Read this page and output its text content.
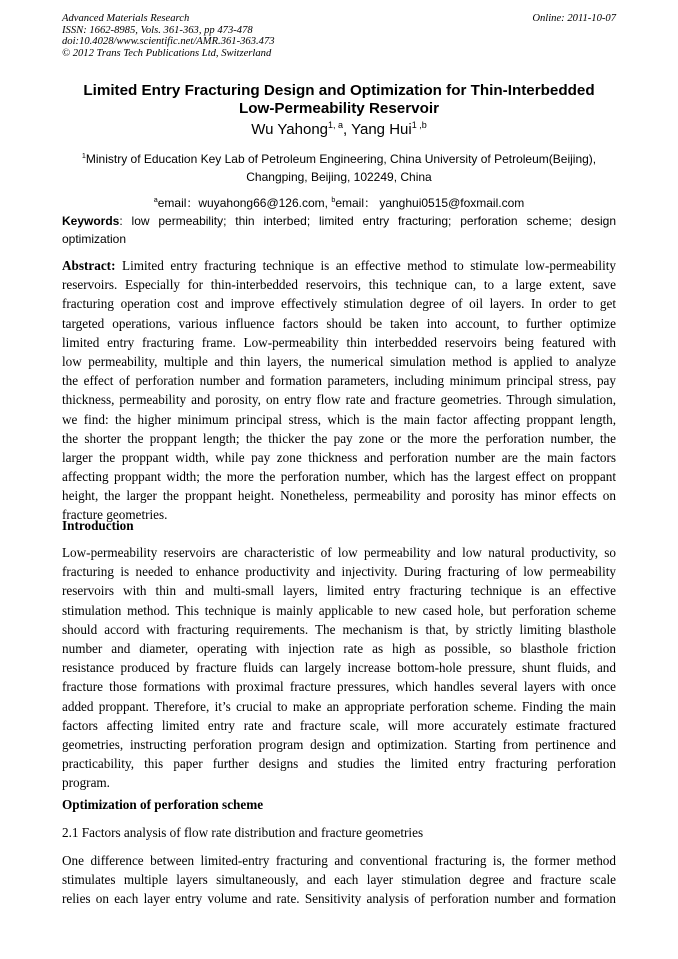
Advanced Materials Research
ISSN: 1662-8985, Vols. 361-363, pp 473-478
doi:10.4028/www.scientific.net/AMR.361-363.473
© 2012 Trans Tech Publications Ltd, Switzerland
Online: 2011-10-07
Limited Entry Fracturing Design and Optimization for Thin-Interbedded
Low-Permeability Reservoir
Wu Yahong$^{1, a}$, Yang Hui$^{1 ,b}$
$^1$Ministry of Education Key Lab of Petroleum Engineering, China University of Petroleum(Beijing),
Changping, Beijing, 102249, China
$^a$email：wuyahong66@126.com, $^b$email： yanghui0515@foxmail.com
Keywords: low permeability; thin interbed; limited entry fracturing; perforation scheme; design
optimization
Abstract: Limited entry fracturing technique is an effective method to stimulate low-permeability
reservoirs. Especially for thin-interbedded reservoirs, this technique can, to a large extent, save
fracturing operation cost and improve effectively stimulation degree of oil layers. In order to get
targeted operations, various influence factors should be taken into account, to further optimize
limited entry fracturing frame. Low-permeability thin interbedded reservoirs being featured with
low permeability, multiple and thin layers, the numerical simulation method is applied to analyze
the effect of perforation number and formation parameters, including minimum principal stress, pay
thickness, permeability and porosity, on entry flow rate and fracture geometries. Through simulation,
we find: the higher minimum principal stress, which is the main factor affecting proppant length,
the shorter the proppant length; the thicker the pay zone or the more the perforation number, the
larger the proppant width, while pay zone thickness and perforation number are the main factors
affecting proppant width; the more the perforation number, which has the largest effect on proppant
height, the larger the proppant height. Nonetheless, permeability and porosity has minor effects on
fracture geometries.
Introduction
Low-permeability reservoirs are characteristic of low permeability and low natural productivity, so
fracturing is needed to enhance productivity and injectivity. During fracturing of low permeability
reservoirs with thin and multi-small layers, limited entry fracturing technique is an effective
stimulation method. This technique is mainly applicable to new cased hole, but perforation scheme
should accord with fracturing requirements. The mechanism is that, by strictly limiting blasthole
number and diameter, operating with injection rate as high as possible, so blasthole friction
resistance produced by fracture fluids can largely increase bottom-hole pressure, shunt fluids, and
fracture those formations with proximal fracture pressures, which handles several layers with once
added proppant. Therefore, it’s crucial to make an appropriate perforation scheme. Finding the main
factors affecting limited entry rate and fracture scale, will more accurately estimate fractured
geometries, instructing perforation program design and optimization. Starting from pertinence and
practicability, this paper further designs and studies the limited entry fracturing perforation
program.
Optimization of perforation scheme
2.1 Factors analysis of flow rate distribution and fracture geometries
One difference between limited-entry fracturing and conventional fracturing is, the former method
stimulates multiple layers simultaneously, and each layer stimulation degree and fracture scale
relies on each layer entry volume and rate. Sensitivity analysis of perforation number and formation
